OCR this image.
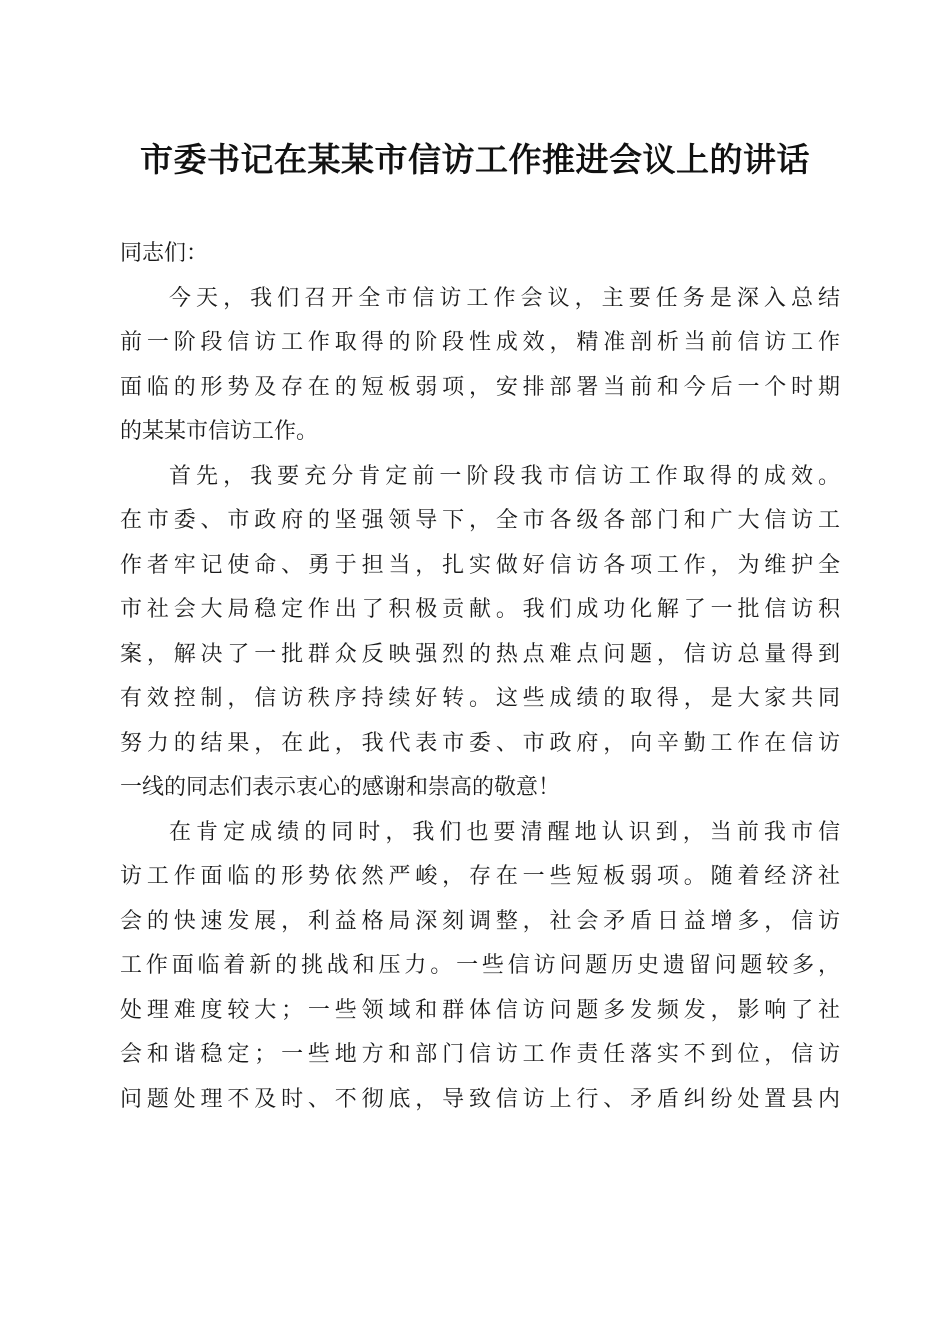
市委书记在某某市信访工作推进会议上的讲话
同志们：
今天，我们召开全市信访工作会议，主要任务是深入总结
前一阶段信访工作取得的阶段性成效，精准剖析当前信访工作
面临的形势及存在的短板弱项，安排部署当前和今后一个时期
的某某市信访工作。
首先，我要充分肯定前一阶段我市信访工作取得的成效。
在市委、市政府的坚强领导下，全市各级各部门和广大信访工
作者牢记使命、勇于担当，扎实做好信访各项工作，为维护全
市社会大局稳定作出了积极贡献。我们成功化解了一批信访积
案，解决了一批群众反映强烈的热点难点问题，信访总量得到
有效控制，信访秩序持续好转。这些成绩的取得，是大家共同
努力的结果，在此，我代表市委、市政府，向辛勤工作在信访
一线的同志们表示衷心的感谢和崇高的敬意！
在肯定成绩的同时，我们也要清醒地认识到，当前我市信
访工作面临的形势依然严峻，存在一些短板弱项。随着经济社
会的快速发展，利益格局深刻调整，社会矛盾日益增多，信访
工作面临着新的挑战和压力。一些信访问题历史遗留问题较多，
处理难度较大；一些领域和群体信访问题多发频发，影响了社
会和谐稳定；一些地方和部门信访工作责任落实不到位，信访
问题处理不及时、不彻底，导致信访上行、矛盾纠纷处置县内
